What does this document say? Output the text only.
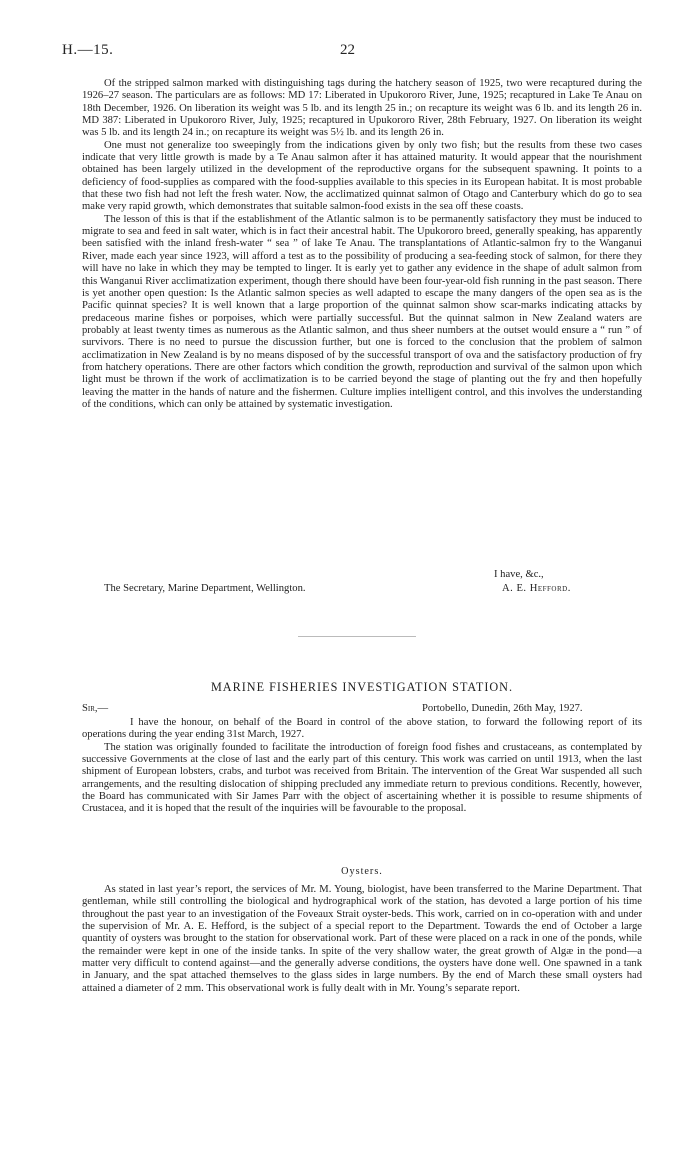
H.—15.	22

Of the stripped salmon marked with distinguishing tags during the hatchery season of 1925, two were recaptured during the 1926–27 season. The particulars are as follows: MD 17: Liberated in Upukororo River, June, 1925; recaptured in Lake Te Anau on 18th December, 1926. On liberation its weight was 5 lb. and its length 25 in.; on recapture its weight was 6 lb. and its length 26 in. MD 387: Liberated in Upukororo River, July, 1925; recaptured in Upukororo River, 28th February, 1927. On liberation its weight was 5 lb. and its length 24 in.; on recapture its weight was 5½ lb. and its length 26 in.

One must not generalize too sweepingly from the indications given by only two fish; but the results from these two cases indicate that very little growth is made by a Te Anau salmon after it has attained maturity. It would appear that the nourishment obtained has been largely utilized in the development of the reproductive organs for the subsequent spawning. It points to a deficiency of food-supplies as compared with the food-supplies available to this species in its European habitat. It is most probable that these two fish had not left the fresh water. Now, the acclimatized quinnat salmon of Otago and Canterbury which do go to sea make very rapid growth, which demonstrates that suitable salmon-food exists in the sea off these coasts.

The lesson of this is that if the establishment of the Atlantic salmon is to be permanently satisfactory they must be induced to migrate to sea and feed in salt water, which is in fact their ancestral habit. The Upukororo breed, generally speaking, has apparently been satisfied with the inland fresh-water “ sea ” of lake Te Anau. The transplantations of Atlantic-salmon fry to the Wanganui River, made each year since 1923, will afford a test as to the possibility of producing a sea-feeding stock of salmon, for there they will have no lake in which they may be tempted to linger. It is early yet to gather any evidence in the shape of adult salmon from this Wanganui River acclimatization experiment, though there should have been four-year-old fish running in the past season. There is yet another open question: Is the Atlantic salmon species as well adapted to escape the many dangers of the open sea as is the Pacific quinnat species? It is well known that a large proportion of the quinnat salmon show scar-marks indicating attacks by predaceous marine fishes or porpoises, which were partially successful. But the quinnat salmon in New Zealand waters are probably at least twenty times as numerous as the Atlantic salmon, and thus sheer numbers at the outset would ensure a “ run ” of survivors. There is no need to pursue the discussion further, but one is forced to the conclusion that the problem of salmon acclimatization in New Zealand is by no means disposed of by the successful transport of ova and the satisfactory production of fry from hatchery operations. There are other factors which condition the growth, reproduction and survival of the salmon upon which light must be thrown if the work of acclimatization is to be carried beyond the stage of planting out the fry and then hopefully leaving the matter in the hands of nature and the fishermen. Culture implies intelligent control, and this involves the understanding of the conditions, which can only be attained by systematic investigation.

I have, &c.,
The Secretary, Marine Department, Wellington.	A. E. Hefford.
MARINE FISHERIES INVESTIGATION STATION.
Sir,—	Portobello, Dunedin, 26th May, 1927.

I have the honour, on behalf of the Board in control of the above station, to forward the following report of its operations during the year ending 31st March, 1927.

The station was originally founded to facilitate the introduction of foreign food fishes and crustaceans, as contemplated by successive Governments at the close of last and the early part of this century. This work was carried on until 1913, when the last shipment of European lobsters, crabs, and turbot was received from Britain. The intervention of the Great War suspended all such arrangements, and the resulting dislocation of shipping precluded any immediate return to previous conditions. Recently, however, the Board has communicated with Sir James Parr with the object of ascertaining whether it is possible to resume shipments of Crustacea, and it is hoped that the result of the inquiries will be favourable to the proposal.

Oysters.

As stated in last year’s report, the services of Mr. M. Young, biologist, have been transferred to the Marine Department. That gentleman, while still controlling the biological and hydrographical work of the station, has devoted a large portion of his time throughout the past year to an investigation of the Foveaux Strait oyster-beds. This work, carried on in co-operation with and under the supervision of Mr. A. E. Hefford, is the subject of a special report to the Department. Towards the end of October a large quantity of oysters was brought to the station for observational work. Part of these were placed on a rack in one of the ponds, while the remainder were kept in one of the inside tanks. In spite of the very shallow water, the great growth of Algæ in the pond—a matter very difficult to contend against—and the generally adverse conditions, the oysters have done well. One spawned in a tank in January, and the spat attached themselves to the glass sides in large numbers. By the end of March these small oysters had attained a diameter of 2 mm. This observational work is fully dealt with in Mr. Young’s separate report.
